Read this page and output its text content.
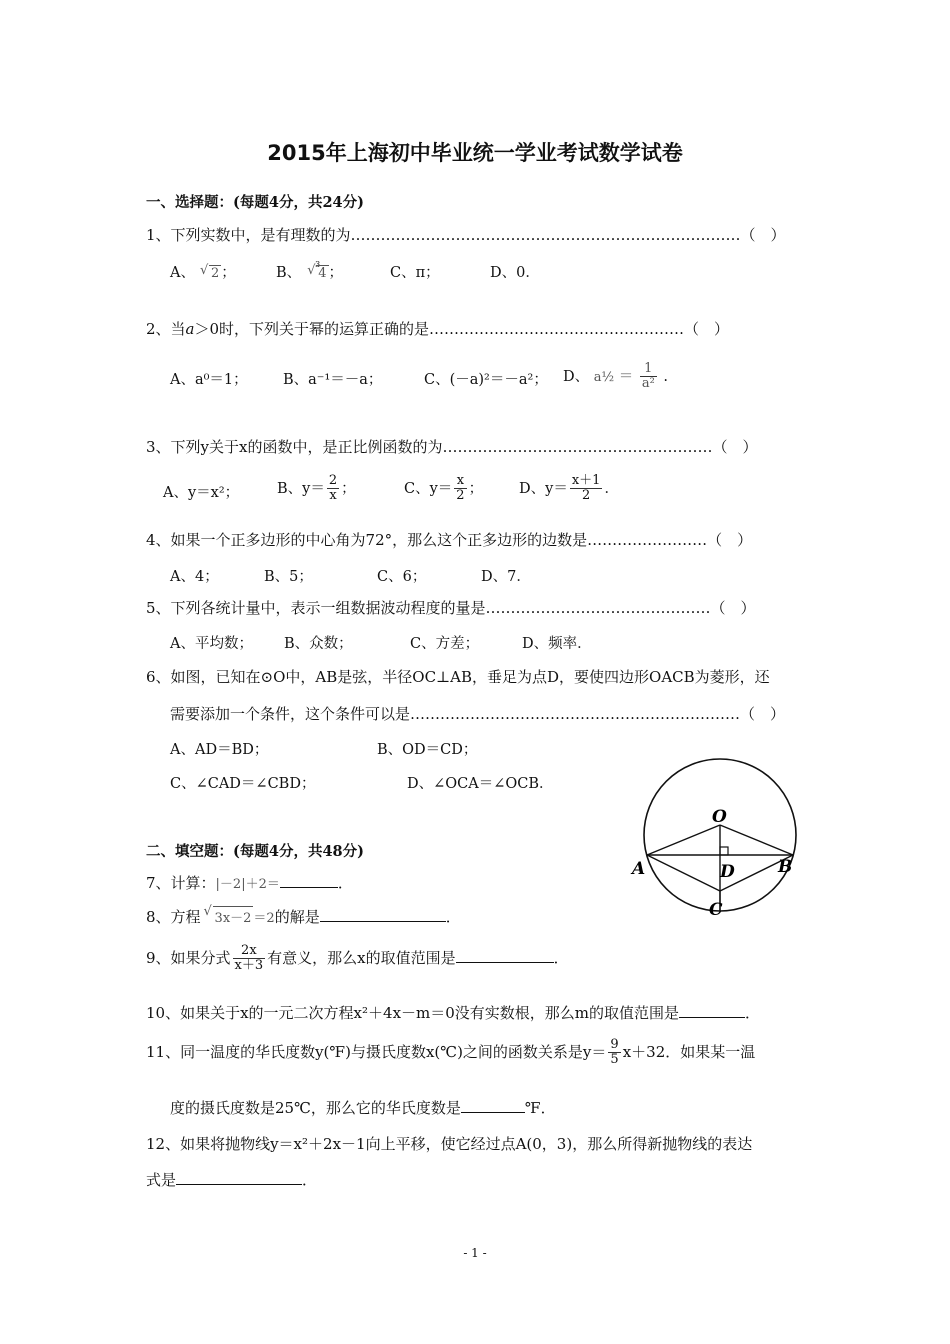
2015年上海初中毕业统一学业考试数学试卷
一、选择题：(每题4分，共24分)
1、下列实数中，是有理数的为……………………………………………………………………（　）
A、 √ 2 ；	B、$^3$√ 4 ；	C、π；	D、0．
2、当a＞0时，下列关于幂的运算正确的是……………………………………………（　）
A、a⁰＝1； B、a⁻¹＝－a；	C、(－a)²＝－a²； D、 a½ ＝ $\frac{1}{\text{a²}}$ .
3、下列y关于x的函数中，是正比例函数的为………………………………………………（　）
A、y＝x²；	B、$y= \frac{2}{x}$ ；	C、$y= \frac{x}{2}$ ； D、$y= \frac{x+1}{2}$ ．
4、如果一个正多边形的中心角为72°，那么这个正多边形的边数是……………………（　）
A、4；	B、5；	C、6；	D、7．
5、下列各统计量中，表示一组数据波动程度的量是………………………………………（　）
A、平均数； B、众数；	C、方差；	D、频率．
6、如图，已知在⊙O中，AB是弦，半径OC⊥AB，垂足为点D，要使四边形OACB为菱形，还
需要添加一个条件，这个条件可以是…………………………………………………………（　）
A、AD＝BD；	B、OD＝CD；
C、∠CAD＝∠CBD；	D、∠OCA＝∠OCB．
O
A	B
C
D
二、填空题：(每题4分，共48分)
7、计算：|－2|＋2＝	．
8、方程 √ 3x－2 ＝2的解是	．
9、如果分式 $\frac{2x}{x+3}$ 有意义，那么x的取值范围是	．
10、如果关于x的一元二次方程x²＋4x－m＝0没有实数根，那么m的取值范围是	．
11、同一温度的华氏度数y(℉)与摄氏度数x(℃)之间的函数关系是$y= \frac{9}{5} x+32$．如果某一温
度的摄氏度数是25℃，那么它的华氏度数是	℉．
12、如果将抛物线y＝x²＋2x－1向上平移，使它经过点A(0，3)，那么所得新抛物线的表达
式是	．
- 1 -
